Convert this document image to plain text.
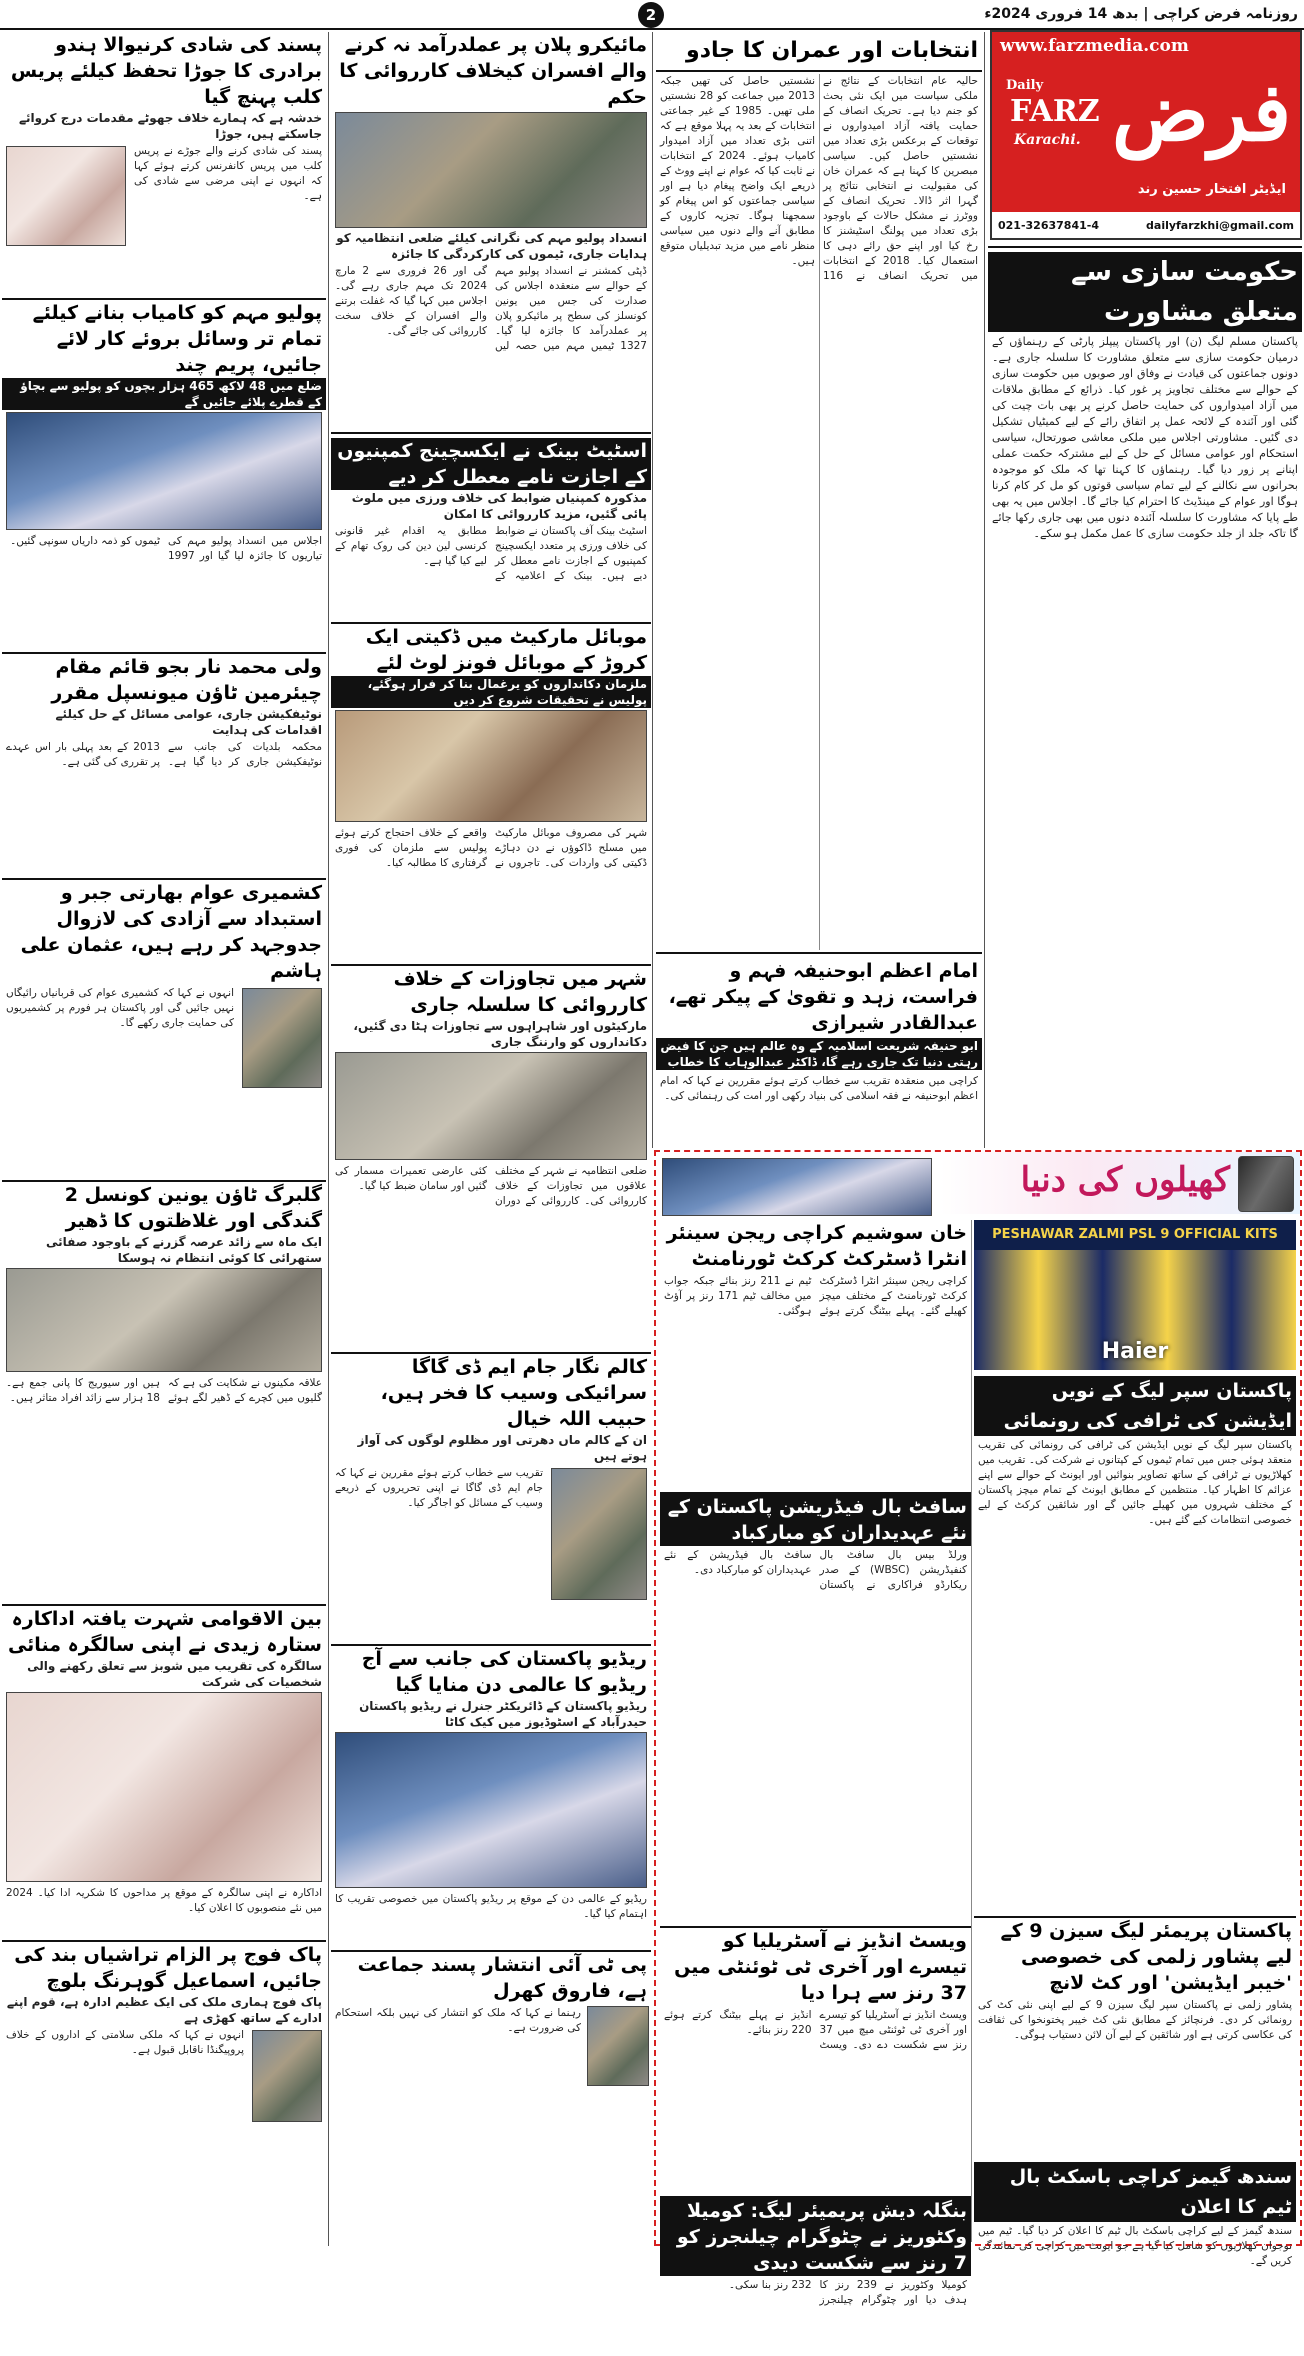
2	روزنامہ فرض کراچی | بدھ 14 فروری 2024ء
www.farzmedia.com
Daily
FARZ
Karachi. فرض
ایڈیٹر افتخار حسین رند
021-32637841-4	dailyfarzkhi@gmail.com
حکومت سازی سے متعلق مشاورت
پاکستان مسلم لیگ (ن) اور پاکستان پیپلز پارٹی کے رہنماؤں کے درمیان حکومت سازی سے متعلق مشاورت کا سلسلہ جاری ہے۔ دونوں جماعتوں کی قیادت نے وفاق اور صوبوں میں حکومت سازی کے حوالے سے مختلف تجاویز پر غور کیا۔ ذرائع کے مطابق ملاقات میں آزاد امیدواروں کی حمایت حاصل کرنے پر بھی بات چیت کی گئی اور آئندہ کے لائحہ عمل پر اتفاق رائے کے لیے کمیٹیاں تشکیل دی گئیں۔ مشاورتی اجلاس میں ملکی معاشی صورتحال، سیاسی استحکام اور عوامی مسائل کے حل کے لیے مشترکہ حکمت عملی اپنانے پر زور دیا گیا۔ رہنماؤں کا کہنا تھا کہ ملک کو موجودہ بحرانوں سے نکالنے کے لیے تمام سیاسی قوتوں کو مل کر کام کرنا ہوگا اور عوام کے مینڈیٹ کا احترام کیا جائے گا۔ اجلاس میں یہ بھی طے پایا کہ مشاورت کا سلسلہ آئندہ دنوں میں بھی جاری رکھا جائے گا تاکہ جلد از جلد حکومت سازی کا عمل مکمل ہو سکے۔
انتخابات اور عمران کا جادو
حالیہ عام انتخابات کے نتائج نے ملکی سیاست میں ایک نئی بحث کو جنم دیا ہے۔ تحریک انصاف کے حمایت یافتہ آزاد امیدواروں نے توقعات کے برعکس بڑی تعداد میں نشستیں حاصل کیں۔ سیاسی مبصرین کا کہنا ہے کہ عمران خان کی مقبولیت نے انتخابی نتائج پر گہرا اثر ڈالا۔ تحریک انصاف کے ووٹرز نے مشکل حالات کے باوجود بڑی تعداد میں پولنگ اسٹیشنز کا رخ کیا اور اپنے حق رائے دہی کا استعمال کیا۔ 2018 کے انتخابات میں تحریک انصاف نے 116 نشستیں حاصل کی تھیں جبکہ 2013 میں جماعت کو 28 نشستیں ملی تھیں۔ 1985 کے غیر جماعتی انتخابات کے بعد یہ پہلا موقع ہے کہ اتنی بڑی تعداد میں آزاد امیدوار کامیاب ہوئے۔ 2024 کے انتخابات نے ثابت کیا کہ عوام نے اپنے ووٹ کے ذریعے ایک واضح پیغام دیا ہے اور سیاسی جماعتوں کو اس پیغام کو سمجھنا ہوگا۔ تجزیہ کاروں کے مطابق آنے والے دنوں میں سیاسی منظر نامے میں مزید تبدیلیاں متوقع ہیں۔
امام اعظم ابوحنیفہ فہم و فراست، زہد و تقویٰ کے پیکر تھے، عبدالقادر شیرازی
ابو حنیفہ شریعت اسلامیہ کے وہ عالم ہیں جن کا فیض رہتی دنیا تک جاری رہے گا، ڈاکٹر عبدالوہاب کا خطاب
کراچی میں منعقدہ تقریب سے خطاب کرتے ہوئے مقررین نے کہا کہ امام اعظم ابوحنیفہ نے فقہ اسلامی کی بنیاد رکھی اور امت کی رہنمائی کی۔
مائیکرو پلان پر عملدرآمد نہ کرنے والے افسران کیخلاف کارروائی کا حکم
انسداد پولیو مہم کی نگرانی کیلئے ضلعی انتظامیہ کو ہدایات جاری، ٹیموں کی کارکردگی کا جائزہ
ڈپٹی کمشنر نے انسداد پولیو مہم کے حوالے سے منعقدہ اجلاس کی صدارت کی جس میں یونین کونسلز کی سطح پر مائیکرو پلان پر عملدرآمد کا جائزہ لیا گیا۔ 1327 ٹیمیں مہم میں حصہ لیں گی اور 26 فروری سے 2 مارچ 2024 تک مہم جاری رہے گی۔ اجلاس میں کہا گیا کہ غفلت برتنے والے افسران کے خلاف سخت کارروائی کی جائے گی۔
اسٹیٹ بینک نے ایکسچینج کمپنیوں کے اجازت نامے معطل کر دیے
مذکورہ کمپنیاں ضوابط کی خلاف ورزی میں ملوث پائی گئیں، مزید کارروائی کا امکان
اسٹیٹ بینک آف پاکستان نے ضوابط کی خلاف ورزی پر متعدد ایکسچینج کمپنیوں کے اجازت نامے معطل کر دیے ہیں۔ بینک کے اعلامیہ کے مطابق یہ اقدام غیر قانونی کرنسی لین دین کی روک تھام کے لیے کیا گیا ہے۔
موبائل مارکیٹ میں ڈکیتی ایک کروڑ کے موبائل فونز لوٹ لئے
ملزمان دکانداروں کو یرغمال بنا کر فرار ہوگئے، پولیس نے تحقیقات شروع کر دیں
شہر کی مصروف موبائل مارکیٹ میں مسلح ڈاکوؤں نے دن دہاڑے ڈکیتی کی واردات کی۔ تاجروں نے واقعے کے خلاف احتجاج کرتے ہوئے پولیس سے ملزمان کی فوری گرفتاری کا مطالبہ کیا۔
شہر میں تجاوزات کے خلاف کارروائی کا سلسلہ جاری
مارکیٹوں اور شاہراہوں سے تجاوزات ہٹا دی گئیں، دکانداروں کو وارننگ جاری
ضلعی انتظامیہ نے شہر کے مختلف علاقوں میں تجاوزات کے خلاف کارروائی کی۔ کارروائی کے دوران کئی عارضی تعمیرات مسمار کی گئیں اور سامان ضبط کیا گیا۔
کالم نگار جام ایم ڈی گاگا سرائیکی وسیب کا فخر ہیں، حبیب اللہ خیال
ان کے کالم ماں دھرتی اور مظلوم لوگوں کی آواز ہوتے ہیں
تقریب سے خطاب کرتے ہوئے مقررین نے کہا کہ جام ایم ڈی گاگا نے اپنی تحریروں کے ذریعے وسیب کے مسائل کو اجاگر کیا۔
ریڈیو پاکستان کی جانب سے آج ریڈیو کا عالمی دن منایا گیا
ریڈیو پاکستان کے ڈائریکٹر جنرل نے ریڈیو پاکستان حیدرآباد کے اسٹوڈیوز میں کیک کاٹا
ریڈیو کے عالمی دن کے موقع پر ریڈیو پاکستان میں خصوصی تقریب کا اہتمام کیا گیا۔
پی ٹی آئی انتشار پسند جماعت ہے، فاروق کھرل
رہنما نے کہا کہ ملک کو انتشار کی نہیں بلکہ استحکام کی ضرورت ہے۔
پسند کی شادی کرنیوالا ہندو برادری کا جوڑا تحفظ کیلئے پریس کلب پہنچ گیا
خدشہ ہے کہ ہمارے خلاف جھوٹے مقدمات درج کروائے جاسکتے ہیں، جوڑا
پسند کی شادی کرنے والے جوڑے نے پریس کلب میں پریس کانفرنس کرتے ہوئے کہا کہ انہوں نے اپنی مرضی سے شادی کی ہے۔
پولیو مہم کو کامیاب بنانے کیلئے تمام تر وسائل بروئے کار لائے جائیں، پریم چند
ضلع میں 48 لاکھ 465 ہزار بچوں کو پولیو سے بچاؤ کے قطرے پلائے جائیں گے
اجلاس میں انسداد پولیو مہم کی تیاریوں کا جائزہ لیا گیا اور 1997 ٹیموں کو ذمہ داریاں سونپی گئیں۔
ولی محمد نار بجو قائم مقام چیئرمین ٹاؤن میونسپل مقرر
نوٹیفکیشن جاری، عوامی مسائل کے حل کیلئے اقدامات کی ہدایت
محکمہ بلدیات کی جانب سے نوٹیفکیشن جاری کر دیا گیا ہے۔ 2013 کے بعد پہلی بار اس عہدے پر تقرری کی گئی ہے۔
کشمیری عوام بھارتی جبر و استبداد سے آزادی کی لازوال جدوجہد کر رہے ہیں، عثمان علی ہاشم
انہوں نے کہا کہ کشمیری عوام کی قربانیاں رائیگاں نہیں جائیں گی اور پاکستان ہر فورم پر کشمیریوں کی حمایت جاری رکھے گا۔
گلبرگ ٹاؤن یونین کونسل 2 گندگی اور غلاظتوں کا ڈھیر
ایک ماہ سے زائد عرصہ گزرنے کے باوجود صفائی ستھرائی کا کوئی انتظام نہ ہوسکا
علاقہ مکینوں نے شکایت کی ہے کہ گلیوں میں کچرے کے ڈھیر لگے ہوئے ہیں اور سیوریج کا پانی جمع ہے۔ 18 ہزار سے زائد افراد متاثر ہیں۔
بین الاقوامی شہرت یافتہ اداکارہ ستارہ زیدی نے اپنی سالگرہ منائی
سالگرہ کی تقریب میں شوبز سے تعلق رکھنے والی شخصیات کی شرکت
اداکارہ نے اپنی سالگرہ کے موقع پر مداحوں کا شکریہ ادا کیا۔ 2024 میں نئے منصوبوں کا اعلان کیا۔
پاک فوج پر الزام تراشیاں بند کی جائیں، اسماعیل گوہرنگ بلوچ
پاک فوج ہماری ملک کی ایک عظیم ادارہ ہے، قوم اپنے ادارے کے ساتھ کھڑی ہے
انہوں نے کہا کہ ملکی سلامتی کے اداروں کے خلاف پروپیگنڈا ناقابل قبول ہے۔
کھیلوں کی دنیا
PESHAWAR ZALMI PSL 9 OFFICIAL KITS
Haier
پاکستان سپر لیگ کے نویں ایڈیشن کی ٹرافی کی رونمائی
پاکستان سپر لیگ کے نویں ایڈیشن کی ٹرافی کی رونمائی کی تقریب منعقد ہوئی جس میں تمام ٹیموں کے کپتانوں نے شرکت کی۔ تقریب میں کھلاڑیوں نے ٹرافی کے ساتھ تصاویر بنوائیں اور ایونٹ کے حوالے سے اپنے عزائم کا اظہار کیا۔ منتظمین کے مطابق ایونٹ کے تمام میچز پاکستان کے مختلف شہروں میں کھیلے جائیں گے اور شائقین کرکٹ کے لیے خصوصی انتظامات کیے گئے ہیں۔
پاکستان پریمئر لیگ سیزن 9 کے لیے پشاور زلمی کی خصوصی 'خیبر ایڈیشن' اور کٹ لانچ
پشاور زلمی نے پاکستان سپر لیگ سیزن 9 کے لیے اپنی نئی کٹ کی رونمائی کر دی۔ فرنچائز کے مطابق نئی کٹ خیبر پختونخوا کی ثقافت کی عکاسی کرتی ہے اور شائقین کے لیے آن لائن دستیاب ہوگی۔
سندھ گیمز کراچی باسکٹ بال ٹیم کا اعلان
سندھ گیمز کے لیے کراچی باسکٹ بال ٹیم کا اعلان کر دیا گیا۔ ٹیم میں نوجوان کھلاڑیوں کو شامل کیا گیا ہے جو ایونٹ میں کراچی کی نمائندگی کریں گے۔
خان سوشیم کراچی ریجن سینئر انٹرا ڈسٹرکٹ کرکٹ ٹورنامنٹ
کراچی ریجن سینئر انٹرا ڈسٹرکٹ کرکٹ ٹورنامنٹ کے مختلف میچز کھیلے گئے۔ پہلے بیٹنگ کرتے ہوئے ٹیم نے 211 رنز بنائے جبکہ جواب میں مخالف ٹیم 171 رنز پر آؤٹ ہوگئی۔
سافٹ بال فیڈریشن پاکستان کے نئے عہدیداران کو مبارکباد
ورلڈ بیس بال سافٹ بال کنفیڈریشن (WBSC) کے صدر ریکارڈو فراکاری نے پاکستان سافٹ بال فیڈریشن کے نئے عہدیداران کو مبارکباد دی۔
ویسٹ انڈیز نے آسٹریلیا کو تیسرے اور آخری ٹی ٹوئنٹی میں 37 رنز سے ہرا دیا
ویسٹ انڈیز نے آسٹریلیا کو تیسرے اور آخری ٹی ٹوئنٹی میچ میں 37 رنز سے شکست دے دی۔ ویسٹ انڈیز نے پہلے بیٹنگ کرتے ہوئے 220 رنز بنائے۔
بنگلہ دیش پریمیئر لیگ: کومیلا وکٹوریز نے چٹوگرام چیلنجرز کو 7 رنز سے شکست دیدی
کومیلا وکٹوریز نے 239 رنز کا ہدف دیا اور چٹوگرام چیلنجرز 232 رنز بنا سکی۔
